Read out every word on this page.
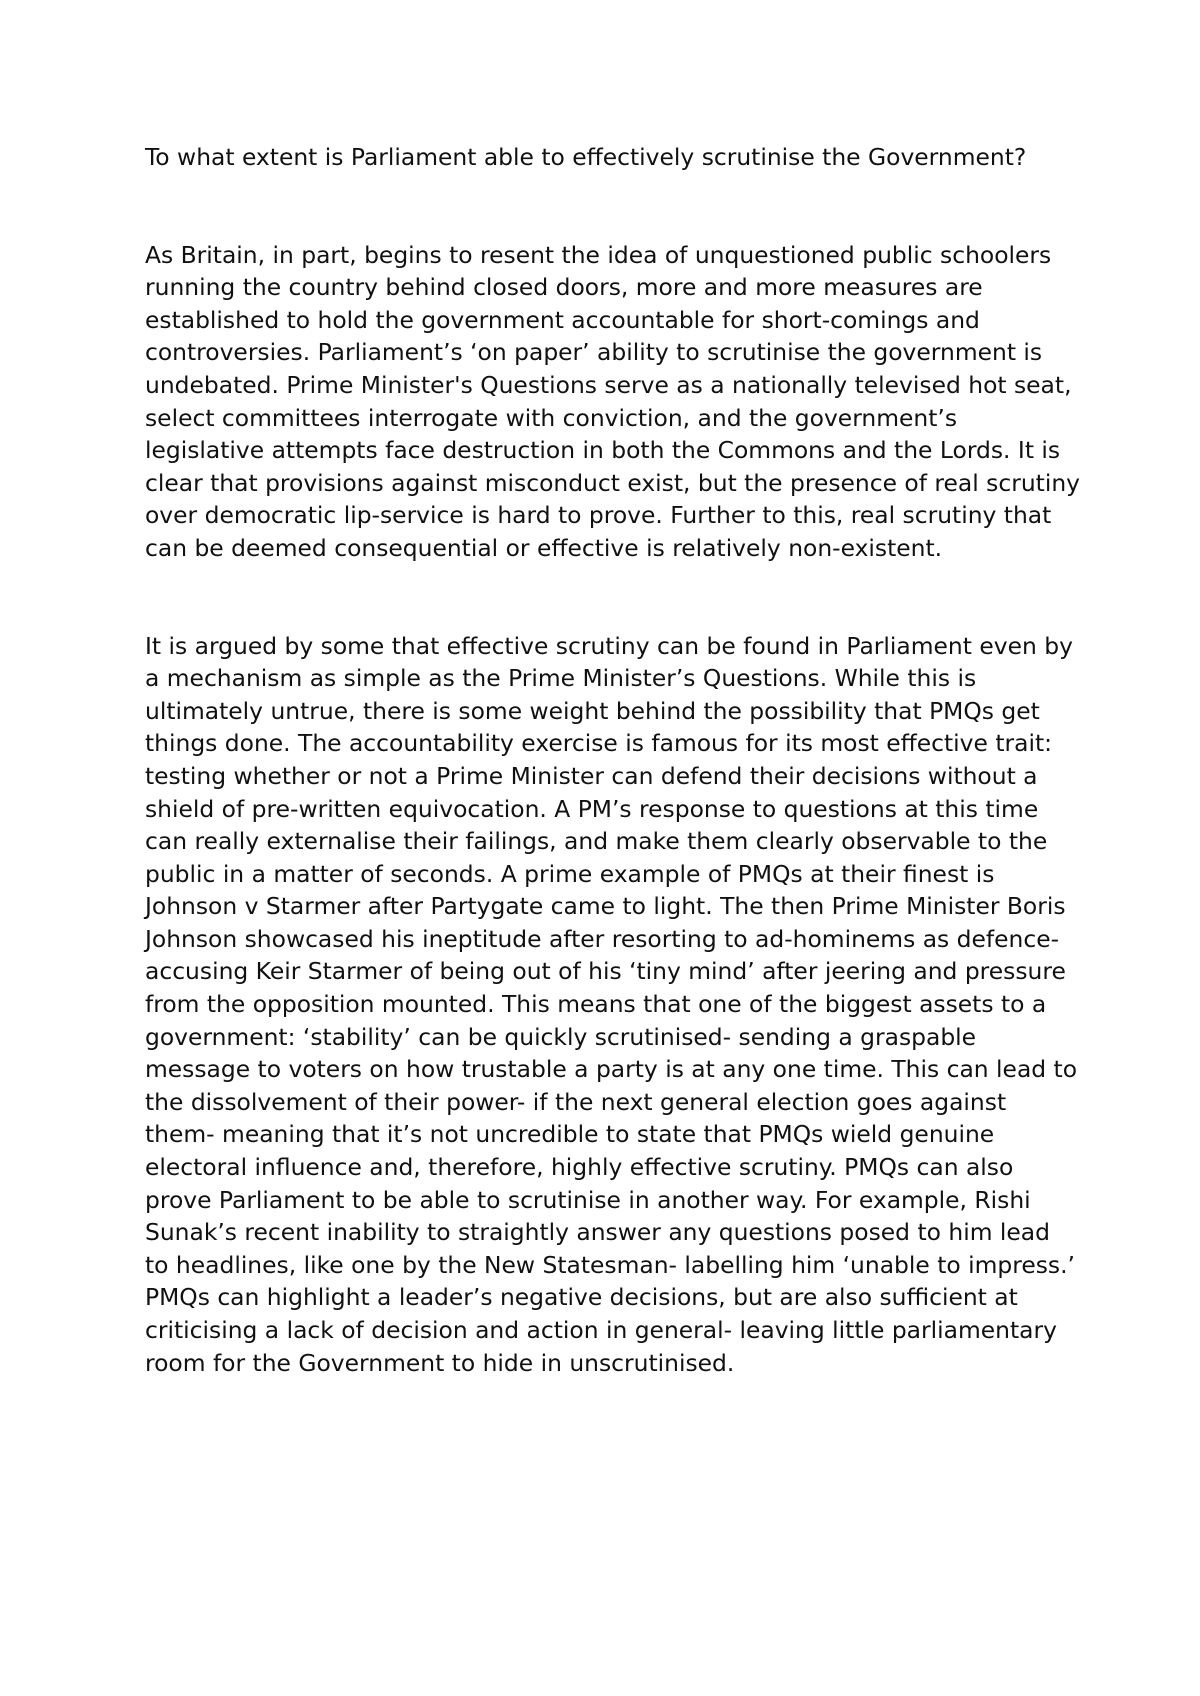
To what extent is Parliament able to effectively scrutinise the Government?

As Britain, in part, begins to resent the idea of unquestioned public schoolers running the country behind closed doors, more and more measures are established to hold the government accountable for short-comings and controversies. Parliament’s ‘on paper’ ability to scrutinise the government is undebated. Prime Minister's Questions serve as a nationally televised hot seat, select committees interrogate with conviction, and the government’s legislative attempts face destruction in both the Commons and the Lords. It is clear that provisions against misconduct exist, but the presence of real scrutiny over democratic lip-service is hard to prove. Further to this, real scrutiny that can be deemed consequential or effective is relatively non-existent.

It is argued by some that effective scrutiny can be found in Parliament even by a mechanism as simple as the Prime Minister’s Questions. While this is ultimately untrue, there is some weight behind the possibility that PMQs get things done. The accountability exercise is famous for its most effective trait: testing whether or not a Prime Minister can defend their decisions without a shield of pre-written equivocation. A PM’s response to questions at this time can really externalise their failings, and make them clearly observable to the public in a matter of seconds. A prime example of PMQs at their finest is Johnson v Starmer after Partygate came to light. The then Prime Minister Boris Johnson showcased his ineptitude after resorting to ad-hominems as defence- accusing Keir Starmer of being out of his ‘tiny mind’ after jeering and pressure from the opposition mounted. This means that one of the biggest assets to a government: ‘stability’ can be quickly scrutinised- sending a graspable message to voters on how trustable a party is at any one time. This can lead to the dissolvement of their power- if the next general election goes against them- meaning that it’s not uncredible to state that PMQs wield genuine electoral influence and, therefore, highly effective scrutiny. PMQs can also prove Parliament to be able to scrutinise in another way. For example, Rishi Sunak’s recent inability to straightly answer any questions posed to him lead to headlines, like one by the New Statesman- labelling him ‘unable to impress.’ PMQs can highlight a leader’s negative decisions, but are also sufficient at criticising a lack of decision and action in general- leaving little parliamentary room for the Government to hide in unscrutinised.
